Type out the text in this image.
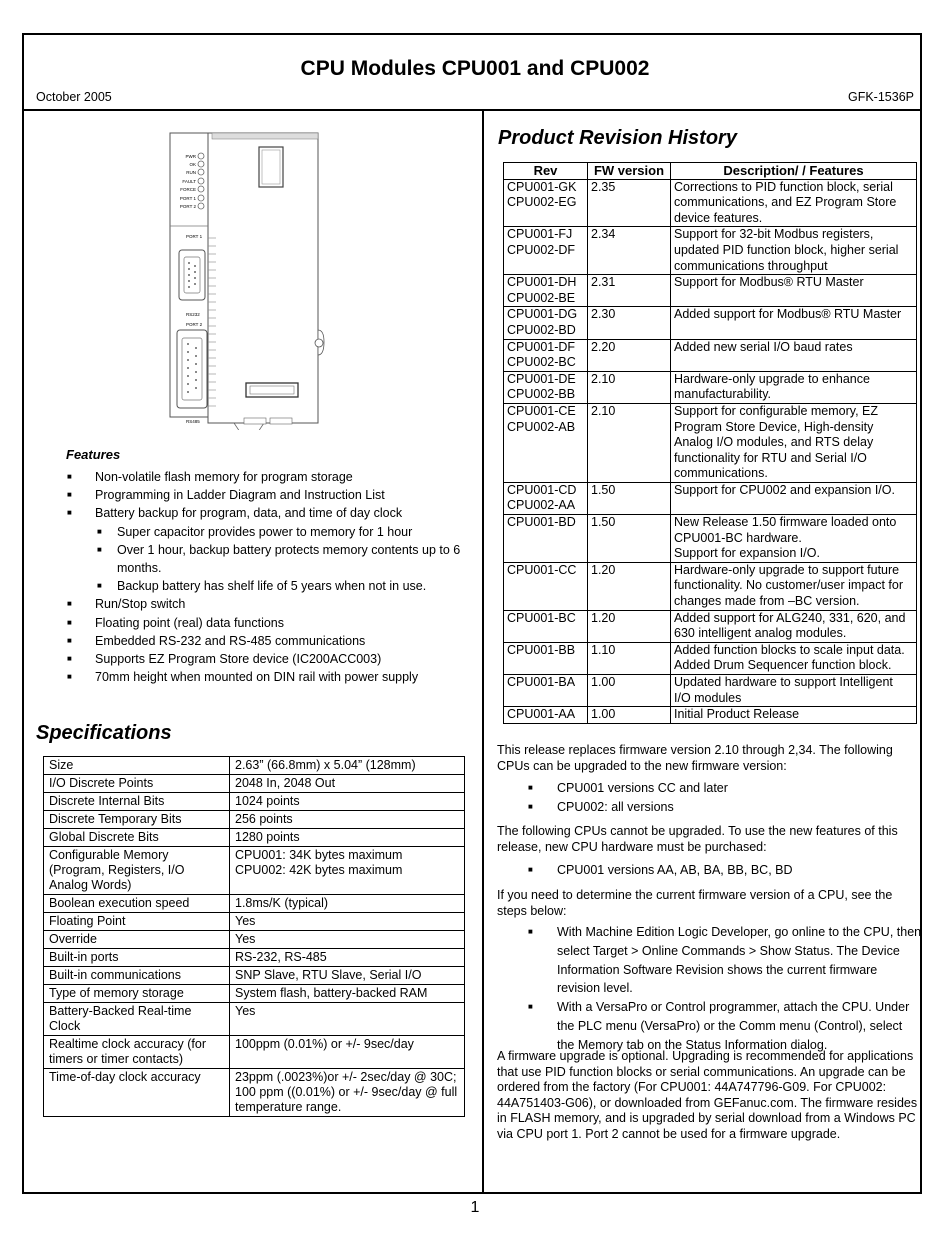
CPU Modules CPU001 and CPU002
October 2005	GFK-1536P
PWR
OK
RUN
FAULT
FORCE
PORT 1
PORT 2
PORT 1
RS232
PORT 2
RS485
Features
■ Non-volatile flash memory for program storage
■ Programming in Ladder Diagram and Instruction List
■ Battery backup for program, data, and time of day clock
■ Super capacitor provides power to memory for 1 hour
■ Over 1 hour, backup battery protects memory contents up to 6 months.
■ Backup battery has shelf life of 5 years when not in use.
■ Run/Stop switch
■ Floating point (real) data functions
■ Embedded RS-232 and RS-485 communications
■ Supports EZ Program Store device (IC200ACC003)
■ 70mm height when mounted on DIN rail with power supply
Specifications
Size	2.63” (66.8mm) x 5.04” (128mm)
I/O Discrete Points	2048 In, 2048 Out
Discrete Internal Bits	1024 points
Discrete Temporary Bits	256 points
Global Discrete Bits	1280 points
Configurable Memory (Program, Registers, I/O Analog Words)	CPU001: 34K bytes maximum
CPU002: 42K bytes maximum
Boolean execution speed	1.8ms/K (typical)
Floating Point	Yes
Override	Yes
Built-in ports	RS-232, RS-485
Built-in communications	SNP Slave, RTU Slave, Serial I/O
Type of memory storage	System flash, battery-backed RAM
Battery-Backed Real-time Clock	Yes
Realtime clock accuracy (for timers or timer contacts)	100ppm (0.01%) or +/- 9sec/day
Time-of-day clock accuracy	23ppm (.0023%)or +/- 2sec/day @ 30C;
100 ppm ((0.01%) or +/- 9sec/day @ full temperature range.
Product Revision History
Rev	FW version	Description/ / Features
CPU001-GK
CPU002-EG	2.35	Corrections to PID function block, serial communications, and EZ Program Store device features.
CPU001-FJ
CPU002-DF	2.34	Support for 32-bit Modbus registers, updated PID function block, higher serial communications throughput
CPU001-DH
CPU002-BE	2.31	Support for Modbus® RTU Master
CPU001-DG
CPU002-BD	2.30	Added support for Modbus® RTU Master
CPU001-DF
CPU002-BC	2.20	Added new serial I/O baud rates
CPU001-DE
CPU002-BB	2.10	Hardware-only upgrade to enhance manufacturability.
CPU001-CE
CPU002-AB	2.10	Support for configurable memory, EZ Program Store Device, High-density Analog I/O modules, and RTS delay functionality for RTU and Serial I/O communications.
CPU001-CD
CPU002-AA	1.50	Support for CPU002 and expansion I/O.
CPU001-BD	1.50	New Release 1.50 firmware loaded onto CPU001-BC hardware.
Support for expansion I/O.
CPU001-CC	1.20	Hardware-only upgrade to support future functionality. No customer/user impact for changes made from –BC version.
CPU001-BC	1.20	Added support for ALG240, 331, 620, and 630 intelligent analog modules.
CPU001-BB	1.10	Added function blocks to scale input data. Added Drum Sequencer function block.
CPU001-BA	1.00	Updated hardware to support Intelligent I/O modules
CPU001-AA	1.00	Initial Product Release
This release replaces firmware version 2.10 through 2,34. The following CPUs can be upgraded to the new firmware version:
■ CPU001 versions CC and later
■ CPU002: all versions
The following CPUs cannot be upgraded. To use the new features of this release, new CPU hardware must be purchased:
■ CPU001 versions AA, AB, BA, BB, BC, BD
If you need to determine the current firmware version of a CPU, see the steps below:
■ With Machine Edition Logic Developer, go online to the CPU, then select Target > Online Commands > Show Status. The Device Information Software Revision shows the current firmware revision level.
■ With a VersaPro or Control programmer, attach the CPU. Under the PLC menu (VersaPro) or the Comm menu (Control), select the Memory tab on the Status Information dialog.
A firmware upgrade is optional. Upgrading is recommended for applications that use PID function blocks or serial communications. An upgrade can be ordered from the factory (For CPU001: 44A747796-G09. For CPU002: 44A751403-G06), or downloaded from GEFanuc.com. The firmware resides in FLASH memory, and is upgraded by serial download from a Windows PC via CPU port 1. Port 2 cannot be used for a firmware upgrade.
1
